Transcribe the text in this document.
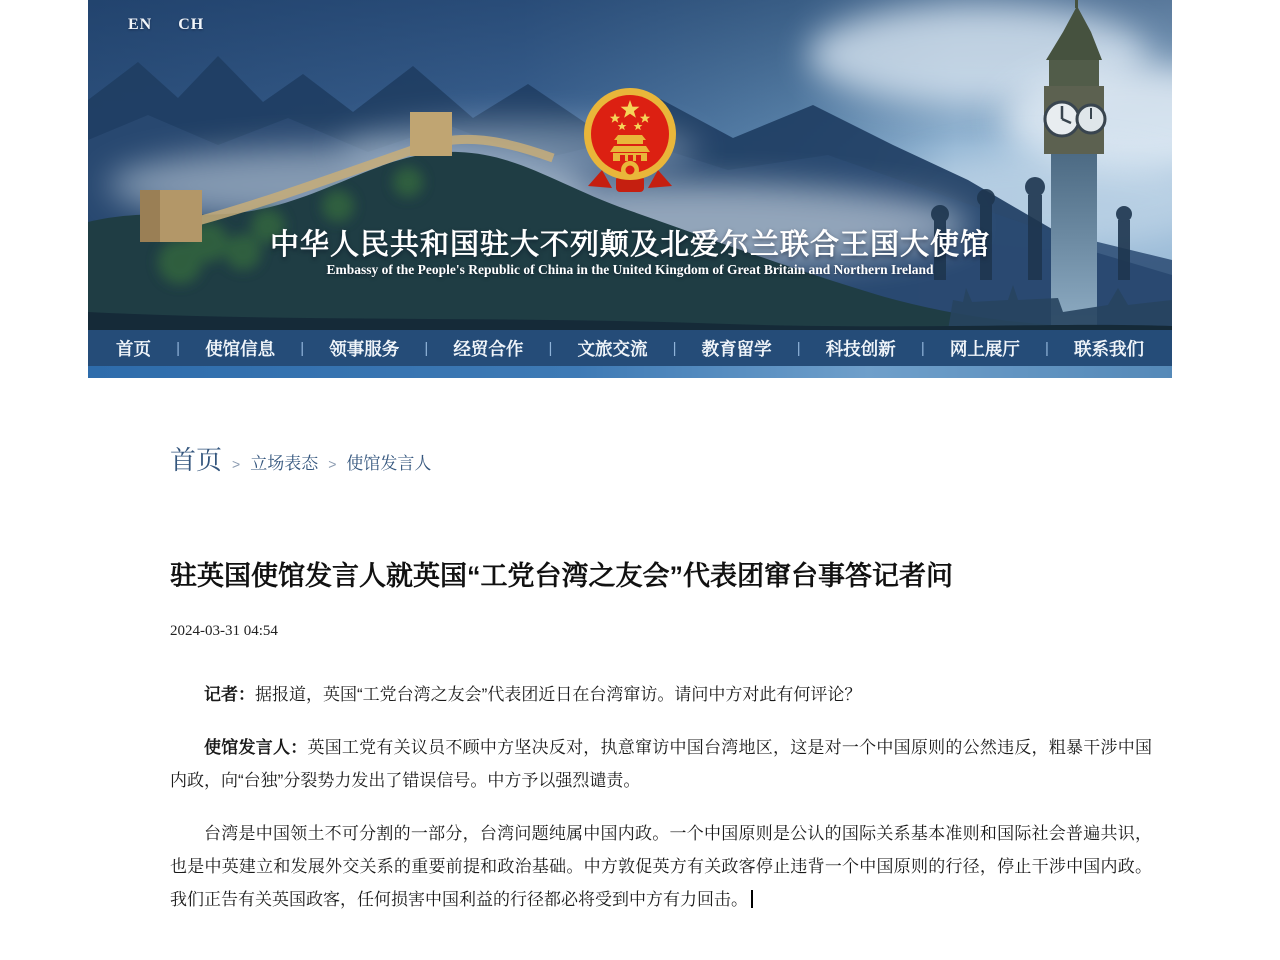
EN CH
中华人民共和国驻大不列颠及北爱尔兰联合王国大使馆
Embassy of the People's Republic of China in the United Kingdom of Great Britain and Northern Ireland
首页 | 使馆信息 | 领事服务 | 经贸合作 | 文旅交流 | 教育留学 | 科技创新 | 网上展厅 | 联系我们
首页 > 立场表态 > 使馆发言人
驻英国使馆发言人就英国“工党台湾之友会”代表团窜台事答记者问
2024-03-31 04:54

记者：据报道，英国“工党台湾之友会”代表团近日在台湾窜访。请问中方对此有何评论？

使馆发言人：英国工党有关议员不顾中方坚决反对，执意窜访中国台湾地区，这是对一个中国原则的公然违反，粗暴干涉中国内政，向“台独”分裂势力发出了错误信号。中方予以强烈谴责。

台湾是中国领土不可分割的一部分，台湾问题纯属中国内政。一个中国原则是公认的国际关系基本准则和国际社会普遍共识，也是中英建立和发展外交关系的重要前提和政治基础。中方敦促英方有关政客停止违背一个中国原则的行径，停止干涉中国内政。我们正告有关英国政客，任何损害中国利益的行径都必将受到中方有力回击。
